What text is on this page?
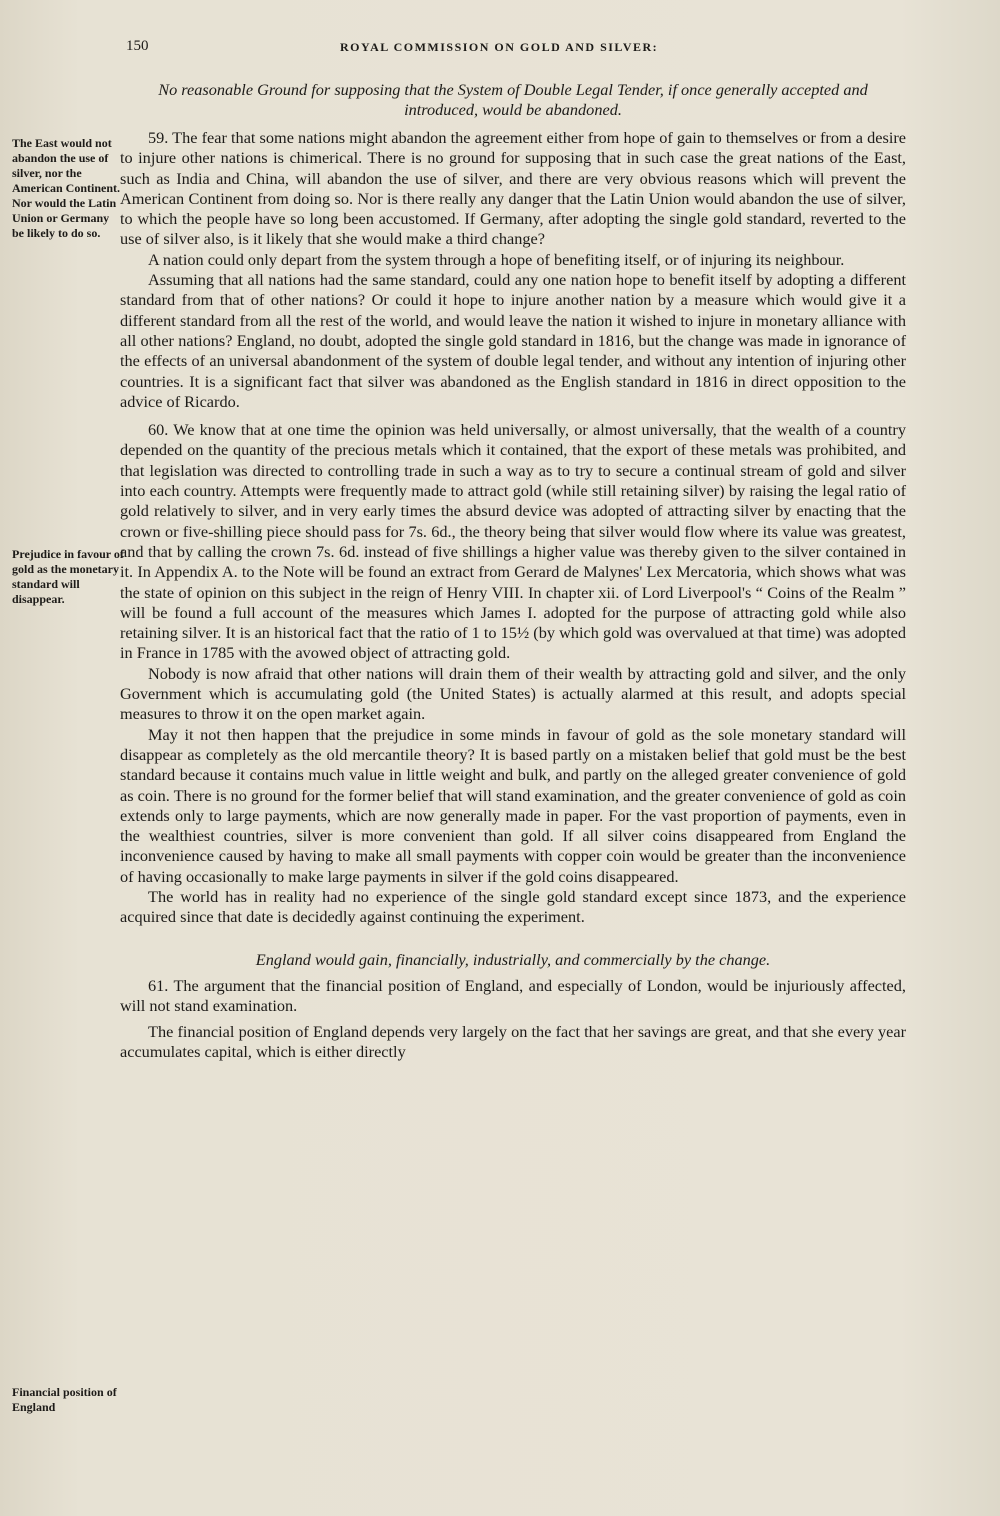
150	ROYAL COMMISSION ON GOLD AND SILVER:

The East would not abandon the use of silver, nor the American Continent. Nor would the Latin Union or Germany be likely to do so.

Prejudice in favour of gold as the monetary standard will disappear.

Financial position of England

No reasonable Ground for supposing that the System of Double Legal Tender, if once generally accepted and introduced, would be abandoned.

59. The fear that some nations might abandon the agreement either from hope of gain to themselves or from a desire to injure other nations is chimerical. There is no ground for supposing that in such case the great nations of the East, such as India and China, will abandon the use of silver, and there are very obvious reasons which will prevent the American Continent from doing so. Nor is there really any danger that the Latin Union would abandon the use of silver, to which the people have so long been accustomed. If Germany, after adopting the single gold standard, reverted to the use of silver also, is it likely that she would make a third change?

A nation could only depart from the system through a hope of benefiting itself, or of injuring its neighbour.

Assuming that all nations had the same standard, could any one nation hope to benefit itself by adopting a different standard from that of other nations? Or could it hope to injure another nation by a measure which would give it a different standard from all the rest of the world, and would leave the nation it wished to injure in monetary alliance with all other nations? England, no doubt, adopted the single gold standard in 1816, but the change was made in ignorance of the effects of an universal abandonment of the system of double legal tender, and without any intention of injuring other countries. It is a significant fact that silver was abandoned as the English standard in 1816 in direct opposition to the advice of Ricardo.

60. We know that at one time the opinion was held universally, or almost universally, that the wealth of a country depended on the quantity of the precious metals which it contained, that the export of these metals was prohibited, and that legislation was directed to controlling trade in such a way as to try to secure a continual stream of gold and silver into each country. Attempts were frequently made to attract gold (while still retaining silver) by raising the legal ratio of gold relatively to silver, and in very early times the absurd device was adopted of attracting silver by enacting that the crown or five-shilling piece should pass for 7s. 6d., the theory being that silver would flow where its value was greatest, and that by calling the crown 7s. 6d. instead of five shillings a higher value was thereby given to the silver contained in it. In Appendix A. to the Note will be found an extract from Gerard de Malynes' Lex Mercatoria, which shows what was the state of opinion on this subject in the reign of Henry VIII. In chapter xii. of Lord Liverpool's “ Coins of the Realm ” will be found a full account of the measures which James I. adopted for the purpose of attracting gold while also retaining silver. It is an historical fact that the ratio of 1 to 15½ (by which gold was overvalued at that time) was adopted in France in 1785 with the avowed object of attracting gold.

Nobody is now afraid that other nations will drain them of their wealth by attracting gold and silver, and the only Government which is accumulating gold (the United States) is actually alarmed at this result, and adopts special measures to throw it on the open market again.

May it not then happen that the prejudice in some minds in favour of gold as the sole monetary standard will disappear as completely as the old mercantile theory? It is based partly on a mistaken belief that gold must be the best standard because it contains much value in little weight and bulk, and partly on the alleged greater convenience of gold as coin. There is no ground for the former belief that will stand examination, and the greater convenience of gold as coin extends only to large payments, which are now generally made in paper. For the vast proportion of payments, even in the wealthiest countries, silver is more convenient than gold. If all silver coins disappeared from England the inconvenience caused by having to make all small payments with copper coin would be greater than the inconvenience of having occasionally to make large payments in silver if the gold coins disappeared.

The world has in reality had no experience of the single gold standard except since 1873, and the experience acquired since that date is decidedly against continuing the experiment.

England would gain, financially, industrially, and commercially by the change.

61. The argument that the financial position of England, and especially of London, would be injuriously affected, will not stand examination.

The financial position of England depends very largely on the fact that her savings are great, and that she every year accumulates capital, which is either directly
